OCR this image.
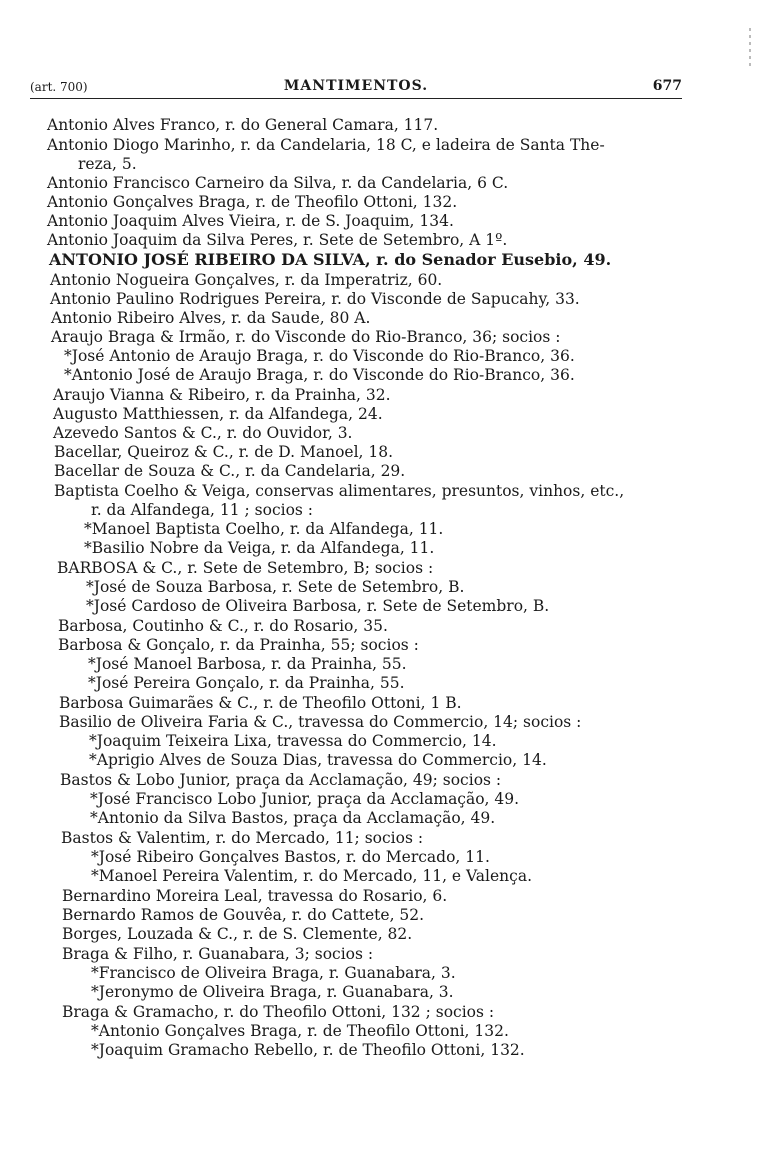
(art. 700)	MANTIMENTOS.	677
Antonio Alves Franco, r. do General Camara, 117.
Antonio Diogo Marinho, r. da Candelaria, 18 C, e ladeira de Santa The-
reza, 5.
Antonio Francisco Carneiro da Silva, r. da Candelaria, 6 C.
Antonio Gonçalves Braga, r. de Theofilo Ottoni, 132.
Antonio Joaquim Alves Vieira, r. de S. Joaquim, 134.
Antonio Joaquim da Silva Peres, r. Sete de Setembro, A 1º.
ANTONIO JOSÉ RIBEIRO DA SILVA, r. do Senador Eusebio, 49.
Antonio Nogueira Gonçalves, r. da Imperatriz, 60.
Antonio Paulino Rodrigues Pereira, r. do Visconde de Sapucahy, 33.
Antonio Ribeiro Alves, r. da Saude, 80 A.
Araujo Braga & Irmão, r. do Visconde do Rio-Branco, 36; socios :
*José Antonio de Araujo Braga, r. do Visconde do Rio-Branco, 36.
*Antonio José de Araujo Braga, r. do Visconde do Rio-Branco, 36.
Araujo Vianna & Ribeiro, r. da Prainha, 32.
Augusto Matthiessen, r. da Alfandega, 24.
Azevedo Santos & C., r. do Ouvidor, 3.
Bacellar, Queiroz & C., r. de D. Manoel, 18.
Bacellar de Souza & C., r. da Candelaria, 29.
Baptista Coelho & Veiga, conservas alimentares, presuntos, vinhos, etc.,
r. da Alfandega, 11 ; socios :
*Manoel Baptista Coelho, r. da Alfandega, 11.
*Basilio Nobre da Veiga, r. da Alfandega, 11.
BARBOSA & C., r. Sete de Setembro, B; socios :
*José de Souza Barbosa, r. Sete de Setembro, B.
*José Cardoso de Oliveira Barbosa, r. Sete de Setembro, B.
Barbosa, Coutinho & C., r. do Rosario, 35.
Barbosa & Gonçalo, r. da Prainha, 55; socios :
*José Manoel Barbosa, r. da Prainha, 55.
*José Pereira Gonçalo, r. da Prainha, 55.
Barbosa Guimarães & C., r. de Theofilo Ottoni, 1 B.
Basilio de Oliveira Faria & C., travessa do Commercio, 14; socios :
*Joaquim Teixeira Lixa, travessa do Commercio, 14.
*Aprigio Alves de Souza Dias, travessa do Commercio, 14.
Bastos & Lobo Junior, praça da Acclamação, 49; socios :
*José Francisco Lobo Junior, praça da Acclamação, 49.
*Antonio da Silva Bastos, praça da Acclamação, 49.
Bastos & Valentim, r. do Mercado, 11; socios :
*José Ribeiro Gonçalves Bastos, r. do Mercado, 11.
*Manoel Pereira Valentim, r. do Mercado, 11, e Valença.
Bernardino Moreira Leal, travessa do Rosario, 6.
Bernardo Ramos de Gouvêa, r. do Cattete, 52.
Borges, Louzada & C., r. de S. Clemente, 82.
Braga & Filho, r. Guanabara, 3; socios :
*Francisco de Oliveira Braga, r. Guanabara, 3.
*Jeronymo de Oliveira Braga, r. Guanabara, 3.
Braga & Gramacho, r. do Theofilo Ottoni, 132 ; socios :
*Antonio Gonçalves Braga, r. de Theofilo Ottoni, 132.
*Joaquim Gramacho Rebello, r. de Theofilo Ottoni, 132.
